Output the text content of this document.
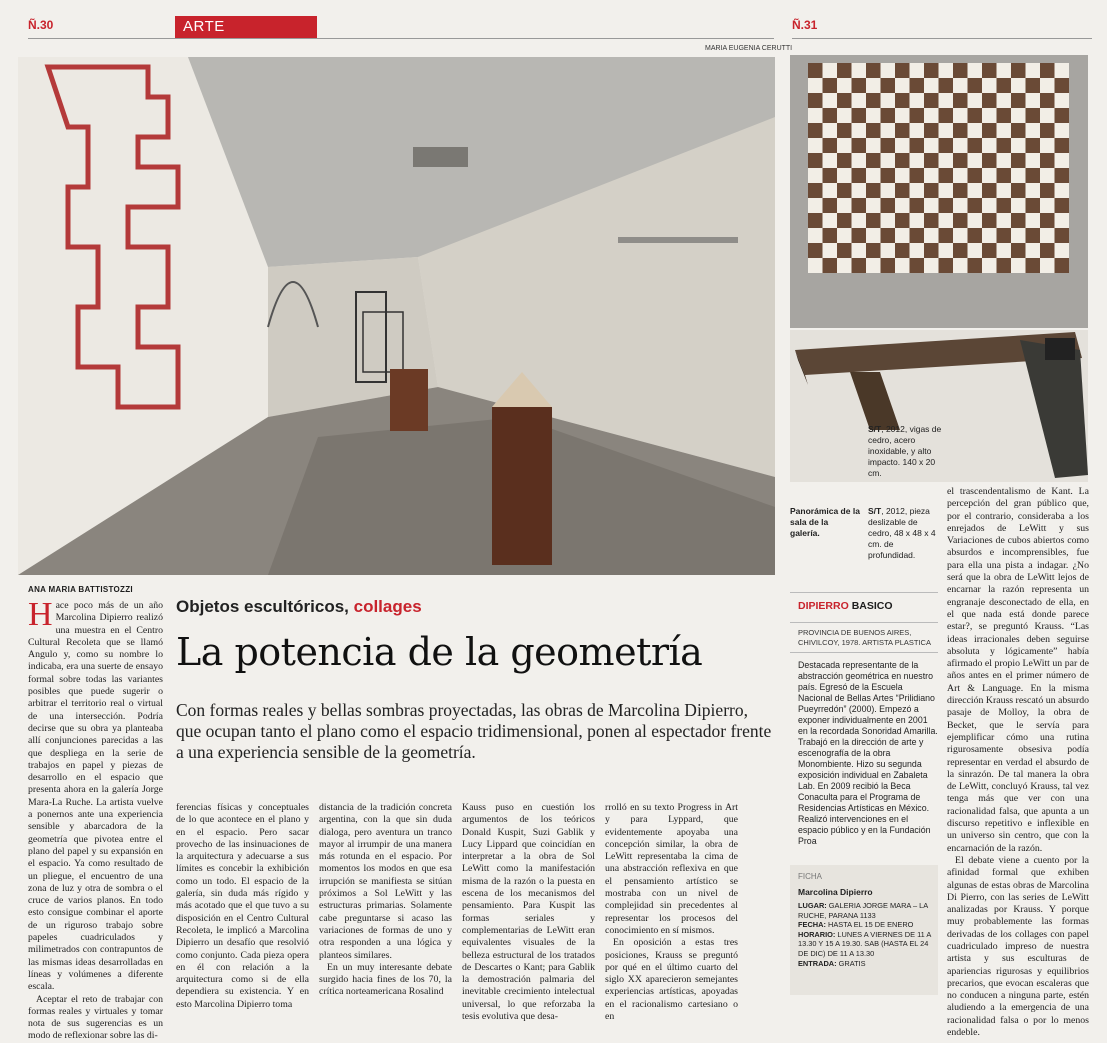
Ñ.30	ARTE
MARIA EUGENIA CERUTTI
Ñ.31
S/T, 2012, vigas de cedro, acero inoxidable, y alto impacto. 140 x 20 cm.
Panorámica de la sala de la galería.
S/T, 2012, pieza deslizable de cedro, 48 x 48 x 4 cm. de profundidad.
ANA MARIA BATTISTOZZI
Objetos escultóricos, collages
La potencia de la geometría
Con formas reales y bellas sombras proyectadas, las obras de Marcolina Dipierro, que ocupan tanto el plano como el espacio tridimensional, ponen al espectador frente a una experiencia sensible de la geometría.

Hace poco más de un año Marcolina Dipierro realizó una muestra en el Centro Cultural Recoleta que se llamó Angulo y, como su nombre lo indicaba, era una suerte de ensayo formal sobre todas las variantes posibles que puede sugerir o arbitrar el territorio real o virtual de una intersección. Podría decirse que su obra ya planteaba allí conjunciones parecidas a las que despliega en la serie de trabajos en papel y piezas de desarrollo en el espacio que presenta ahora en la galería Jorge Mara-La Ruche. La artista vuelve a ponernos ante una experiencia sensible y abarcadora de la geometría que pivotea entre el plano del papel y su expansión en el espacio. Ya como resultado de un pliegue, el encuentro de una zona de luz y otra de sombra o el cruce de varios planos. En todo esto consigue combinar el aporte de un riguroso trabajo sobre papeles cuadriculados y milimetrados con contrapuntos de las mismas ideas desarrolladas en líneas y volúmenes a diferente escala.

Aceptar el reto de trabajar con formas reales y virtuales y tomar nota de sus sugerencias es un modo de reflexionar sobre las di-

ferencias físicas y conceptuales de lo que acontece en el plano y en el espacio. Pero sacar provecho de las insinuaciones de la arquitectura y adecuarse a sus límites es concebir la exhibición como un todo. El espacio de la galería, sin duda más rígido y más acotado que el que tuvo a su disposición en el Centro Cultural Recoleta, le implicó a Marcolina Dipierro un desafío que resolvió como conjunto. Cada pieza opera en él con relación a la arquitectura como si de ella dependiera su existencia. Y en esto Marcolina Dipierro toma

distancia de la tradición concreta argentina, con la que sin duda dialoga, pero aventura un tranco mayor al irrumpir de una manera más rotunda en el espacio. Por momentos los modos en que esa irrupción se manifiesta se sitúan próximos a Sol LeWitt y las estructuras primarias. Solamente cabe preguntarse si acaso las variaciones de formas de uno y otra responden a una lógica y planteos similares.

En un muy interesante debate surgido hacia fines de los 70, la crítica norteamericana Rosalind

Kauss puso en cuestión los argumentos de los teóricos Donald Kuspit, Suzi Gablik y Lucy Lippard que coincidían en interpretar a la obra de Sol LeWitt como la manifestación misma de la razón o la puesta en escena de los mecanismos del pensamiento. Para Kuspit las formas seriales y complementarias de LeWitt eran equivalentes visuales de la belleza estructural de los tratados de Descartes o Kant; para Gablik la demostración palmaria del inevitable crecimiento intelectual universal, lo que reforzaba la tesis evolutiva que desa-

rrolló en su texto Progress in Art y para Lyppard, que evidentemente apoyaba una concepción similar, la obra de LeWitt representaba la cima de una abstracción reflexiva en que el pensamiento artístico se mostraba con un nivel de complejidad sin precedentes al representar los procesos del conocimiento en sí mismos.

En oposición a estas tres posiciones, Krauss se preguntó por qué en el último cuarto del siglo XX aparecieron semejantes experiencias artísticas, apoyadas en el racionalismo cartesiano o en

DIPIERRO BASICO
PROVINCIA DE BUENOS AIRES, CHIVILCOY, 1978. ARTISTA PLASTICA
Destacada representante de la abstracción geométrica en nuestro país. Egresó de la Escuela Nacional de Bellas Artes “Prilidiano Pueyrredón” (2000). Empezó a exponer individualmente en 2001 en la recordada Sonoridad Amarilla. Trabajó en la dirección de arte y escenografía de la obra Monombiente. Hizo su segunda exposición individual en Zabaleta Lab. En 2009 recibió la Beca Conaculta para el Programa de Residencias Artísticas en México. Realizó intervenciones en el espacio público y en la Fundación Proa
FICHA
Marcolina Dipierro
LUGAR: GALERIA JORGE MARA – LA RUCHE, PARANA 1133
FECHA: HASTA EL 15 DE ENERO
HORARIO: LUNES A VIERNES DE 11 A 13.30 Y 15 A 19.30. SAB (HASTA EL 24 DE DIC) DE 11 A 13.30
ENTRADA: GRATIS

el trascendentalismo de Kant. La percepción del gran público que, por el contrario, consideraba a los enrejados de LeWitt y sus Variaciones de cubos abiertos como absurdos e incomprensibles, fue para ella una pista a indagar. ¿No será que la obra de LeWitt lejos de encarnar la razón representa un engranaje desconectado de ella, en el que nada está donde parece estar?, se preguntó Krauss. “Las ideas irracionales deben seguirse absoluta y lógicamente” había afirmado el propio LeWitt un par de años antes en el primer número de Art & Language. En la misma dirección Krauss rescató un absurdo pasaje de Molloy, la obra de Becket, que le servía para ejemplificar cómo una rutina rigurosamente obsesiva podía representar en verdad el absurdo de la sinrazón. De tal manera la obra de LeWitt, concluyó Krauss, tal vez tenga más que ver con una racionalidad falsa, que apunta a un discurso repetitivo e inflexible en un universo sin centro, que con la encarnación de la razón.

El debate viene a cuento por la afinidad formal que exhiben algunas de estas obras de Marcolina Di Pierro, con las series de LeWitt analizadas por Krauss. Y porque muy probablemente las formas derivadas de los collages con papel cuadriculado impreso de nuestra artista y sus esculturas de apariencias rigurosas y equilibrios precarios, que evocan escaleras que no conducen a ninguna parte, estén aludiendo a la emergencia de una racionalidad falsa o por lo menos endeble.
